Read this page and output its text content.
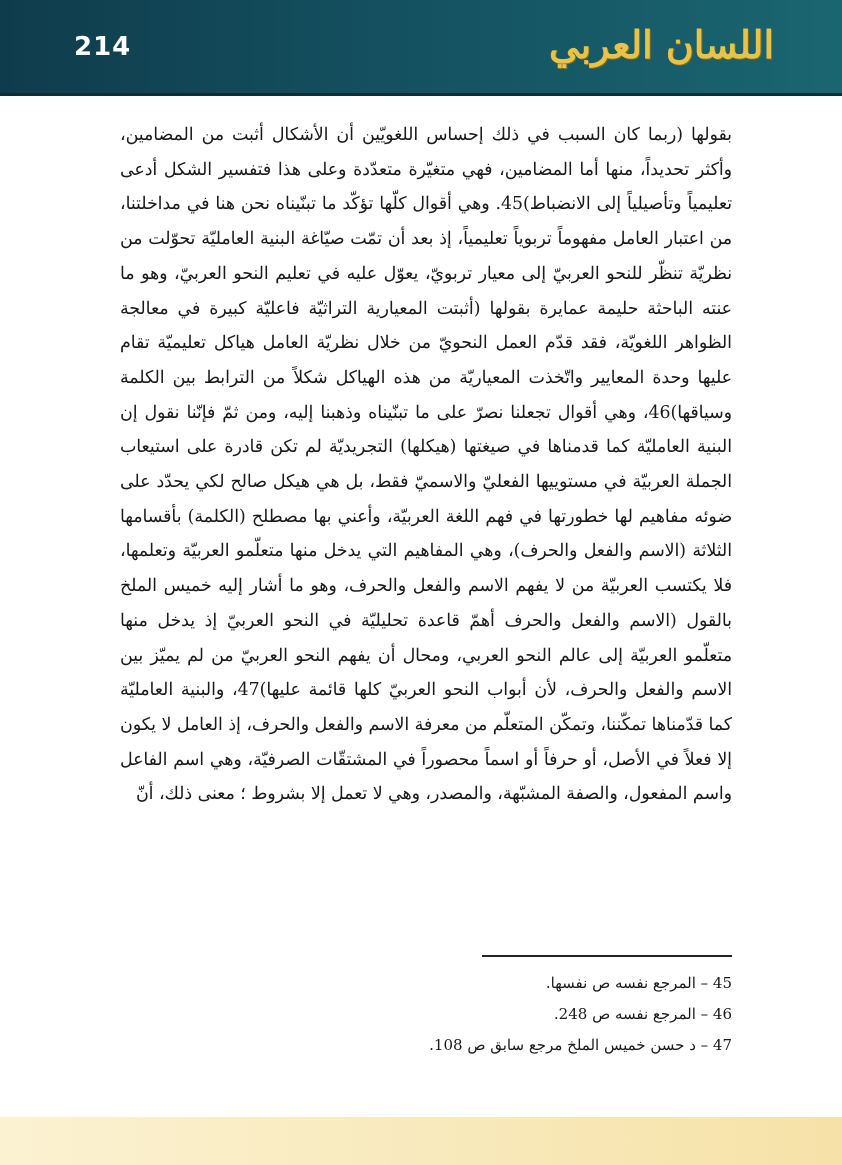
214	اللسان العربي

بقولها (ربما كان السبب في ذلك إحساس اللغويّين أن الأشكال أثبت من المضامين، وأكثر تحديداً، منها أما المضامين، فهي متغيّرة متعدّدة وعلى هذا فتفسير الشكل أدعى تعليمياً وتأصيلياً إلى الانضباط)45. وهي أقوال كلّها تؤكّد ما تبنّيناه نحن هنا في مداخلتنا، من اعتبار العامل مفهوماً تربوياً تعليمياً، إذ بعد أن تمّت صيّاغة البنية العامليّة تحوّلت من نظريّة تنظّر للنحو العربيّ إلى معيار تربويّ، يعوّل عليه في تعليم النحو العربيّ، وهو ما عنته الباحثة حليمة عمايرة بقولها (أثبتت المعيارية التراثيّة فاعليّة كبيرة في معالجة الظواهر اللغويّة، فقد قدّم العمل النحويّ من خلال نظريّة العامل هياكل تعليميّة تقام عليها وحدة المعايير واتّخذت المعياريّة من هذه الهياكل شكلاً من الترابط بين الكلمة وسياقها)46، وهي أقوال تجعلنا نصرّ على ما تبنّيناه وذهبنا إليه، ومن ثمّ فإنّنا نقول إن البنية العامليّة كما قدمناها في صيغتها (هيكلها) التجريديّة لم تكن قادرة على استيعاب الجملة العربيّة في مستوييها الفعليّ والاسميّ فقط، بل هي هيكل صالح لكي يحدّد على ضوئه مفاهيم لها خطورتها في فهم اللغة العربيّة، وأعني بها مصطلح (الكلمة) بأقسامها الثلاثة (الاسم والفعل والحرف)، وهي المفاهيم التي يدخل منها متعلّمو العربيّة وتعلمها، فلا يكتسب العربيّة من لا يفهم الاسم والفعل والحرف، وهو ما أشار إليه خميس الملخ بالقول (الاسم والفعل والحرف أهمّ قاعدة تحليليّة في النحو العربيّ إذ يدخل منها متعلّمو العربيّة إلى عالم النحو العربي، ومحال أن يفهم النحو العربيّ من لم يميّز بين الاسم والفعل والحرف، لأن أبواب النحو العربيّ كلها قائمة عليها)47، والبنية العامليّة كما قدّمناها تمكّننا، وتمكّن المتعلّم من معرفة الاسم والفعل والحرف، إذ العامل لا يكون إلا فعلاً في الأصل، أو حرفاً أو اسماً محصوراً في المشتقّات الصرفيّة، وهي اسم الفاعل واسم المفعول، والصفة المشبّهة، والمصدر، وهي لا تعمل إلا بشروط ؛ معنى ذلك، أنّ

45 – المرجع نفسه ص نفسها.
46 – المرجع نفسه ص 248.
47 – د حسن خميس الملخ مرجع سابق ص 108.
